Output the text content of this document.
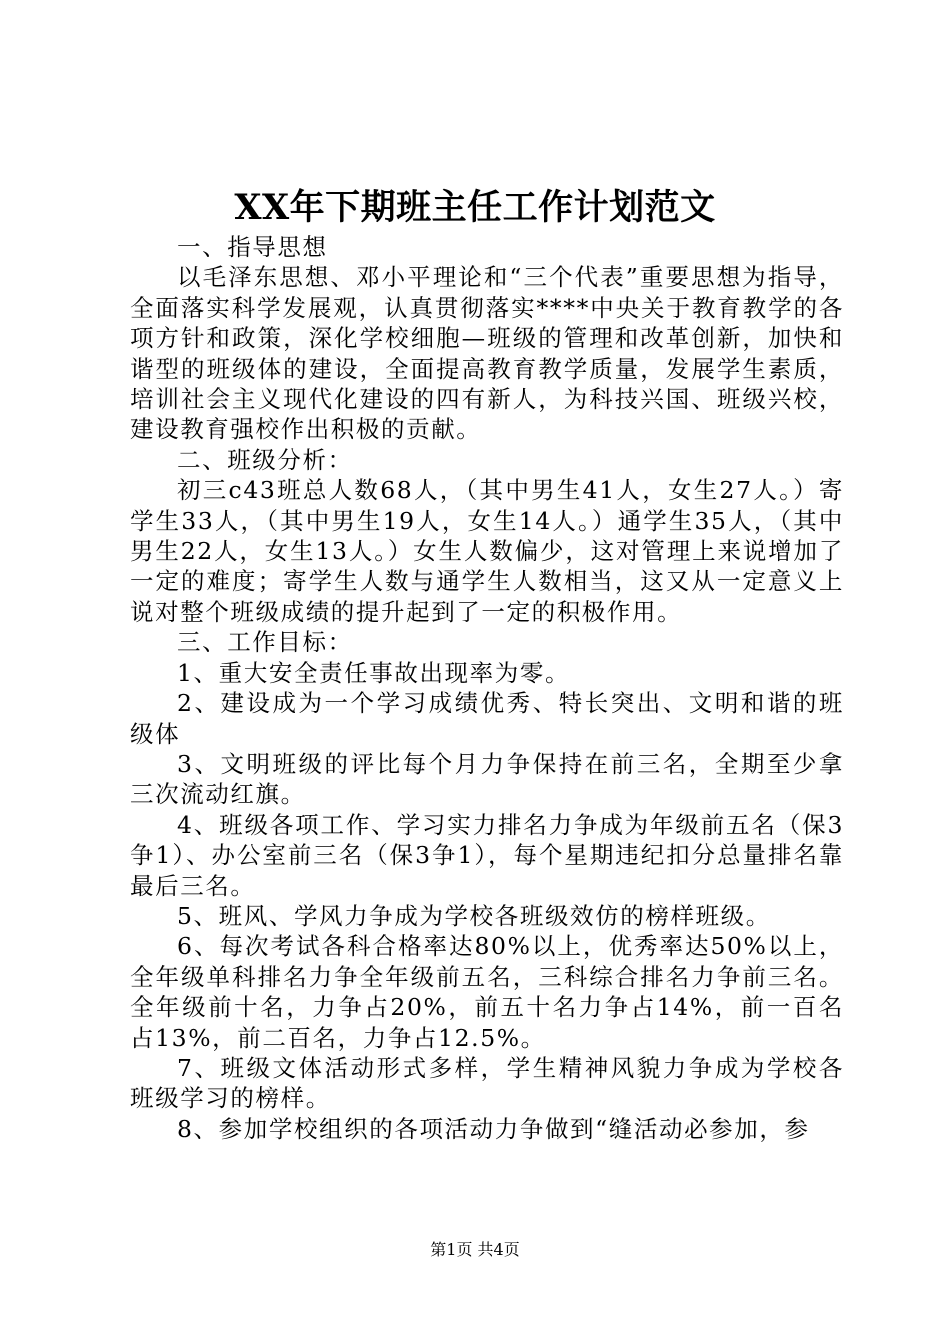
XX年下期班主任工作计划范文

一、指导思想

以毛泽东思想、邓小平理论和“三个代表”重要思想为指导，全面落实科学发展观，认真贯彻落实****中央关于教育教学的各项方针和政策，深化学校细胞—班级的管理和改革创新，加快和谐型的班级体的建设，全面提高教育教学质量，发展学生素质，培训社会主义现代化建设的四有新人，为科技兴国、班级兴校，建设教育强校作出积极的贡献。

二、班级分析：

初三c43班总人数68人，（其中男生41人，女生27人。）寄学生33人，（其中男生19人，女生14人。）通学生35人，（其中男生22人，女生13人。）女生人数偏少，这对管理上来说增加了一定的难度；寄学生人数与通学生人数相当，这又从一定意义上说对整个班级成绩的提升起到了一定的积极作用。

三、工作目标：

1、重大安全责任事故出现率为零。

2、建设成为一个学习成绩优秀、特长突出、文明和谐的班级体

3、文明班级的评比每个月力争保持在前三名，全期至少拿三次流动红旗。

4、班级各项工作、学习实力排名力争成为年级前五名（保3争1）、办公室前三名（保3争1），每个星期违纪扣分总量排名靠最后三名。

5、班风、学风力争成为学校各班级效仿的榜样班级。

6、每次考试各科合格率达80%以上，优秀率达50%以上，全年级单科排名力争全年级前五名，三科综合排名力争前三名。全年级前十名，力争占20%，前五十名力争占14%，前一百名占13%，前二百名，力争占12.5%。

7、班级文体活动形式多样，学生精神风貌力争成为学校各班级学习的榜样。

8、参加学校组织的各项活动力争做到“缝活动必参加，参

第1页 共4页
